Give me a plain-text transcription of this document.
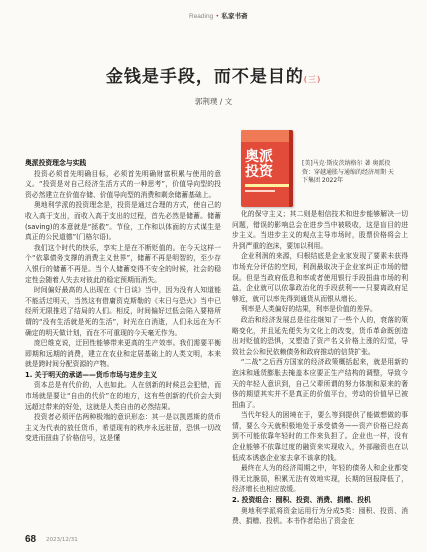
Reading • 私家书斋
金钱是手段，而不是目的(三)
郭荆璞 / 文
奥派投资
[美]马克·斯皮茨纳格尔 著 奥派投资：穿越通胀与通缩的经济周期 天下集团 2022年

奥派投资理念与实践

投资必须首先明确目标，必须首先明确财富积累与使用的意义。“投资是对自己经济生活方式的一种思考”，价值导向型的投资必然建立在价值存储、价值导向型的消费和剩余储蓄基础上。

奥地利学派的投资理念是，投资是通过合理的方式，使自己的收入高于支出，而收入高于支出的过程，首先必然是储蓄。储蓄(saving)的本意就是“拯救”。节俭，工作和以体面的方式谋生是真正的公民道德”(门格尔语)。

我们这个时代的快乐，享实上是在不断贬值的。在今天这样一个“依靠债务支撑的消费主义世界”，储蓄不再是明智的，至少存入银行的储蓄不再是。当个人储蓄变得不安全的时候，社会的稳定性会随着人失去对彼此的稳定预期而消失。

时间偏好最高的人出现在《十日谈》当中，因为没有人知道能不能活过明天，当然这有借庸资克斯勒的《末日与恐火》当中已经所无限推迟了结局的人们。相反，时间偏好过低会陷入要格所谓的“没有生活就是死的生活”，时光在白消逝，人们永远在为不确定的明天做计划，而在不可重现的今天毫无作为。

庞巴维克说，迂回性能够带来更高的生产效率。我们需要平衡即期和远期的消费，建立在农业和定居基础上的人类文明，本来就是跨时间分配资源的产物。

1. 关于明天的承诺——货币市场与进步主义

资本总是有代价的，人也如此。人在创新的时候总会犯错，而市场就是要让“自由的代价”在的地方，这有些创新的代价会大到远超过带来的好处，这就是人类自由的必然结果。

投资者必须评估两种极端的意识形态：其一是以凯恩斯的货币主义为代表的放任货币，希望现有的秩序永远驻留，恐惧一切改变进而扭曲了价格信号，这是懂

化的保守主义；其二则是相信技术和进步能够解决一切问题，错误的影响总会在进步当中被吸收，这是盲目的进步主义。当进步主义的观点主导市场时，股票价格将会上升到严重的泡沫，要加以利用。

企业利润的来源，归根结底是企业家发现了要素未获得市场充分评估的空间，利润最取决于企业家纠正市场的错误。但是当政府低息和率或者使用银行手段扭曲市场的利益，企业就可以依靠政治化的手段获利——只要离政府足够近，就可以率先得到通货从而银从增长。

利率是人类偏好的结果，利率是价值的差异。

政治和经济发展总是往往继知了一些个人的，衰落的策略变化，并且延先便失为文化上的改变，货币革命既创造出对贬值的恐惧，又塑造了资产名义价格上涨的幻觉，导致社会公和民依赖债务和政府推动的信贷扩张。

“二战”之后西方国家的经济政策概括起来，就是用新的泡沫和通货膨胀去掩盖本应要正生产结构的调整，导致今天的年轻人意识到，自己父辈所谓的努力体制和原来的奢侈的期望其实并不是真正的价值平台，劳动的价值早已被扭曲了。

当代年轻人的困境在于，要么等到提供了能做想做的事情，要么今天就积极地处于承受债务——资产价格已经高到不可能依靠年轻时的工作来负担了。企业也一样，没有企业能够不依靠过度的融资来实现收入，外部融资也在以低成本诱惑企业家去拿不该拿的钱。

最终在人为的经济周期之中，年轻的债务人和企业都变得无比脆弱，积累无法有效地实现，长期的回报降低了，经济增长也相应放缓。

2. 投资组合：囤积、投资、消费、捐赠、投机

奥地利学派将资金运用行为分成5类：囤积、投资、消费、捐赠、投机。本书作者给出了资金在

68 2023/12/31
